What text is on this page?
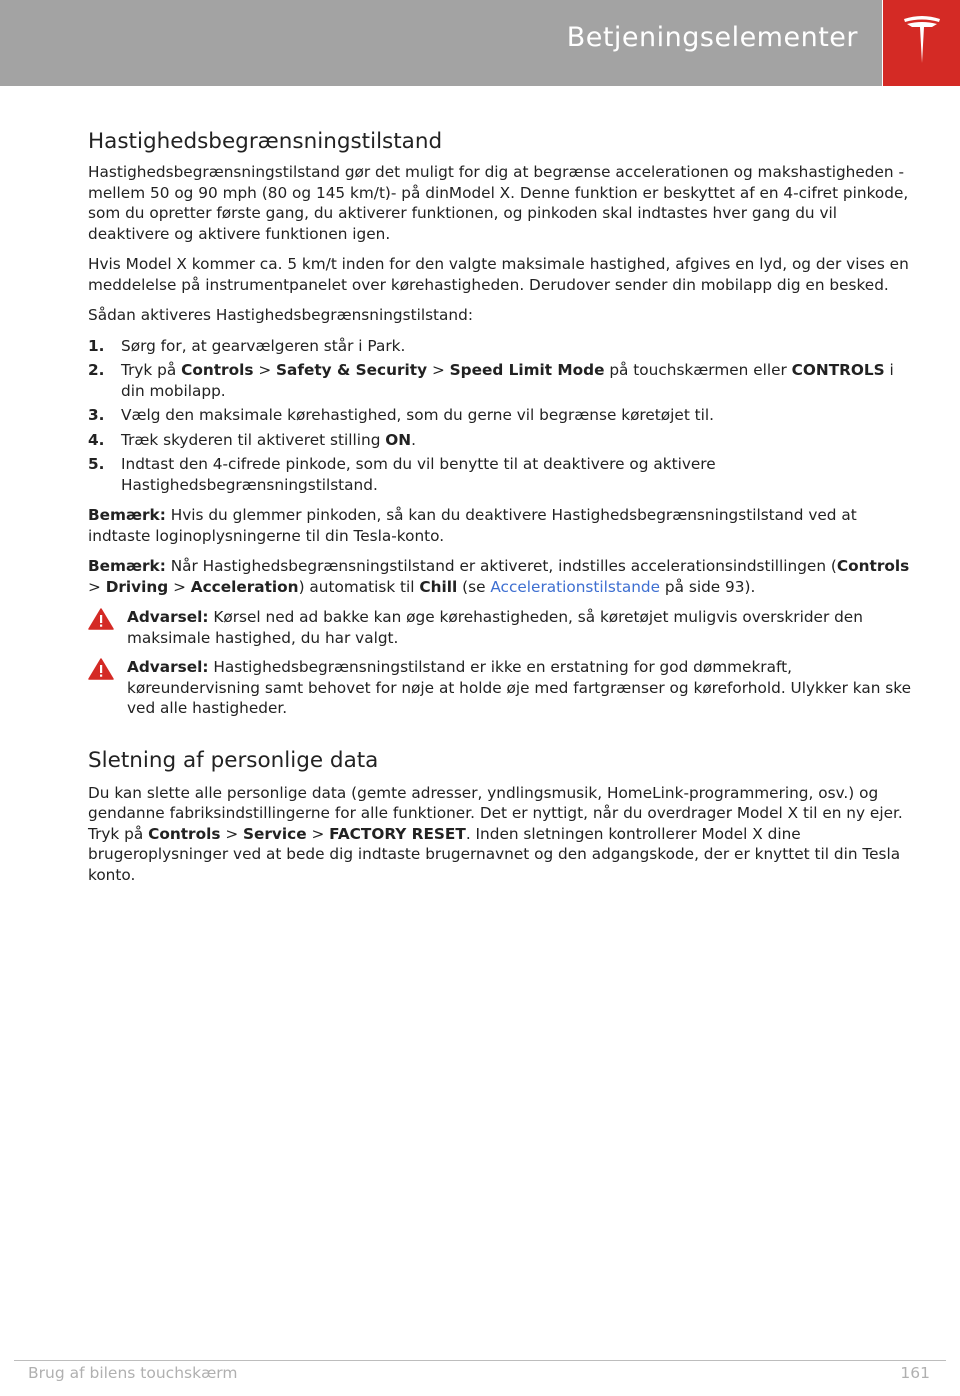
Betjeningselementer
Hastighedsbegrænsningstilstand

Hastighedsbegrænsningstilstand gør det muligt for dig at begrænse accelerationen og makshastigheden - mellem 50 og 90 mph (80 og 145 km/t)- på dinModel X. Denne funktion er beskyttet af en 4-cifret pinkode, som du opretter første gang, du aktiverer funktionen, og pinkoden skal indtastes hver gang du vil deaktivere og aktivere funktionen igen.

Hvis Model X kommer ca. 5 km/t inden for den valgte maksimale hastighed, afgives en lyd, og der vises en meddelelse på instrumentpanelet over kørehastigheden. Derudover sender din mobilapp dig en besked.

Sådan aktiveres Hastighedsbegrænsningstilstand:

1. Sørg for, at gearvælgeren står i Park.
2. Tryk på Controls > Safety & Security > Speed Limit Mode på touchskærmen eller CONTROLS i din mobilapp.
3. Vælg den maksimale kørehastighed, som du gerne vil begrænse køretøjet til.
4. Træk skyderen til aktiveret stilling ON.
5. Indtast den 4-cifrede pinkode, som du vil benytte til at deaktivere og aktivere Hastighedsbegrænsningstilstand.

Bemærk: Hvis du glemmer pinkoden, så kan du deaktivere Hastighedsbegrænsningstilstand ved at indtaste loginoplysningerne til din Tesla-konto.

Bemærk: Når Hastighedsbegrænsningstilstand er aktiveret, indstilles accelerationsindstillingen (Controls > Driving > Acceleration) automatisk til Chill (se Accelerationstilstande på side 93).

Advarsel: Kørsel ned ad bakke kan øge kørehastigheden, så køretøjet muligvis overskrider den maksimale hastighed, du har valgt.
Advarsel: Hastighedsbegrænsningstilstand er ikke en erstatning for god dømmekraft, køreundervisning samt behovet for nøje at holde øje med fartgrænser og køreforhold. Ulykker kan ske ved alle hastigheder.
Sletning af personlige data

Du kan slette alle personlige data (gemte adresser, yndlingsmusik, HomeLink-programmering, osv.) og gendanne fabriksindstillingerne for alle funktioner. Det er nyttigt, når du overdrager Model X til en ny ejer. Tryk på Controls > Service > FACTORY RESET. Inden sletningen kontrollerer Model X dine brugeroplysninger ved at bede dig indtaste brugernavnet og den adgangskode, der er knyttet til din Tesla konto.

Brug af bilens touchskærm	161
